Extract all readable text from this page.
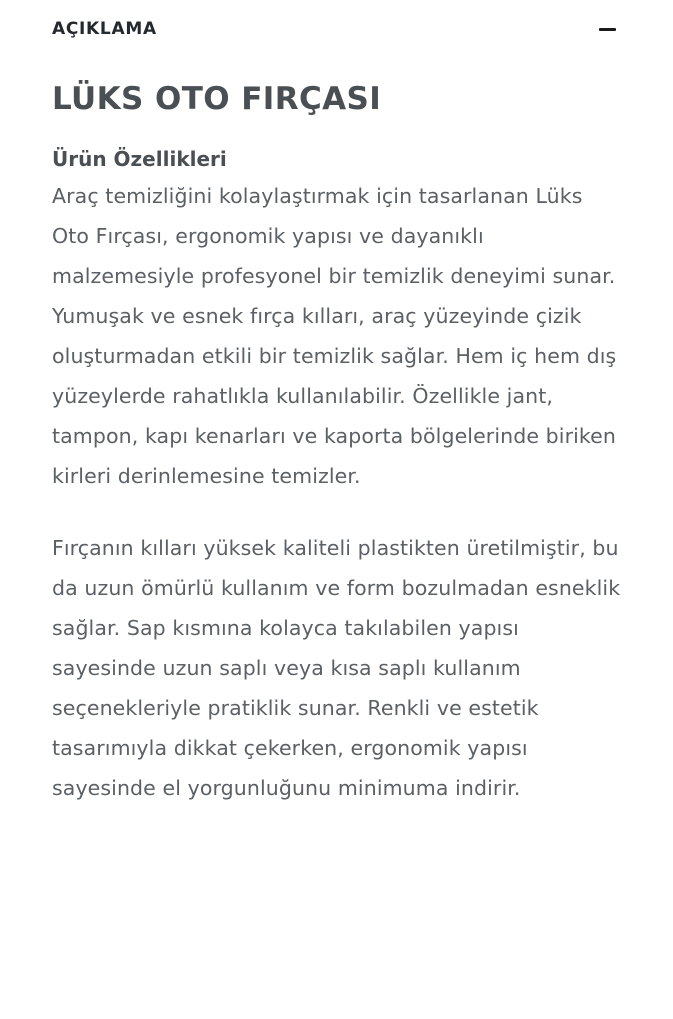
AÇIKLAMA
LÜKS OTO FIRÇASI
Ürün Özellikleri

Araç temizliğini kolaylaştırmak için tasarlanan Lüks Oto Fırçası, ergonomik yapısı ve dayanıklı malzemesiyle profesyonel bir temizlik deneyimi sunar. Yumuşak ve esnek fırça kılları, araç yüzeyinde çizik oluşturmadan etkili bir temizlik sağlar. Hem iç hem dış yüzeylerde rahatlıkla kullanılabilir. Özellikle jant, tampon, kapı kenarları ve kaporta bölgelerinde biriken kirleri derinlemesine temizler.

Fırçanın kılları yüksek kaliteli plastikten üretilmiştir, bu da uzun ömürlü kullanım ve form bozulmadan esneklik sağlar. Sap kısmına kolayca takılabilen yapısı sayesinde uzun saplı veya kısa saplı kullanım seçenekleriyle pratiklik sunar. Renkli ve estetik tasarımıyla dikkat çekerken, ergonomik yapısı sayesinde el yorgunluğunu minimuma indirir.
